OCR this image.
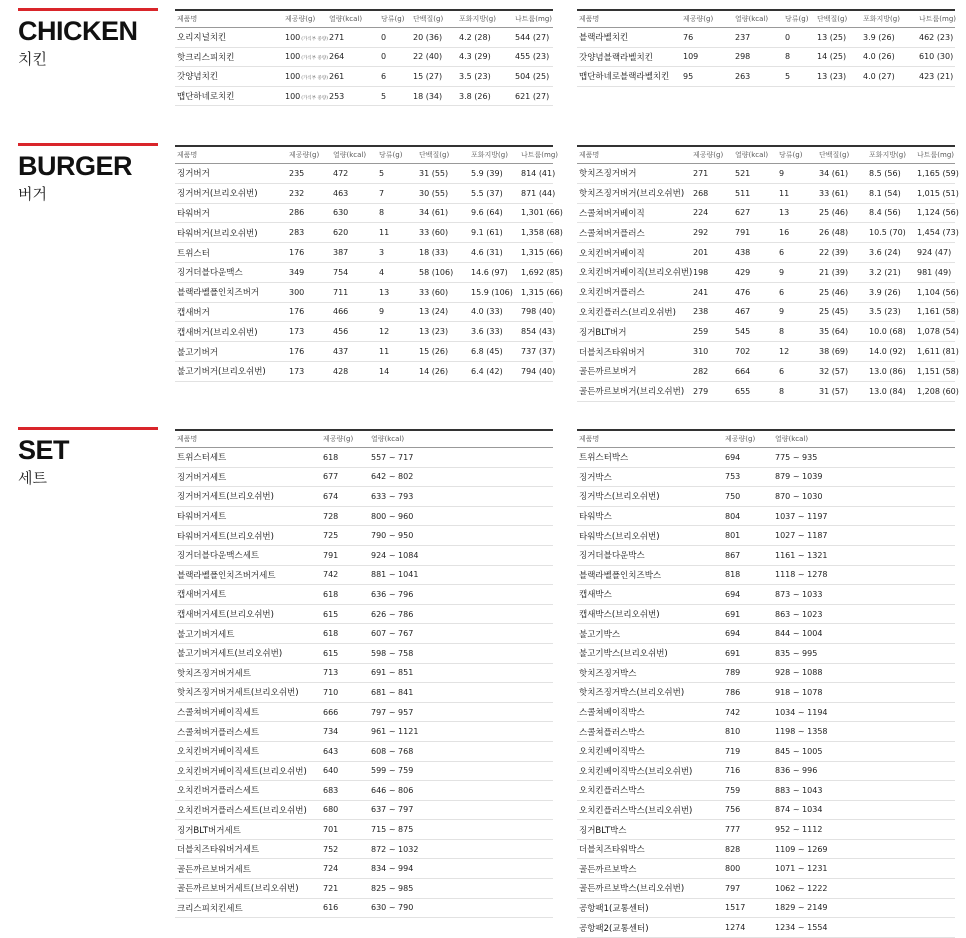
CHICKEN
치킨
제품명	제공량(g)	열량(kcal)	당류(g)	단백질(g)	포화지방(g)	나트륨(mg)
오리지널치킨	100(가식부 중량)	271	0	20 (36)	4.2 (28)	544 (27)
핫크리스피치킨	100(가식부 중량)	264	0	22 (40)	4.3 (29)	455 (23)
갓양념치킨	100(가식부 중량)	261	6	15 (27)	3.5 (23)	504 (25)
맵단하네로치킨	100(가식부 중량)	253	5	18 (34)	3.8 (26)	621 (27)
제품명	제공량(g)	열량(kcal)	당류(g)	단백질(g)	포화지방(g)	나트륨(mg)
블랙라벨치킨	76	237	0	13 (25)	3.9 (26)	462 (23)
갓양념블랙라벨치킨	109	298	8	14 (25)	4.0 (26)	610 (30)
맵단하네로블랙라벨치킨	95	263	5	13 (23)	4.0 (27)	423 (21)
BURGER
버거
제품명	제공량(g)	열량(kcal)	당류(g)	단백질(g)	포화지방(g)	나트륨(mg)
징거버거	235	472	5	31 (55)	5.9 (39)	814 (41)
징거버거(브리오쉬번)	232	463	7	30 (55)	5.5 (37)	871 (44)
타워버거	286	630	8	34 (61)	9.6 (64)	1,301 (66)
타워버거(브리오쉬번)	283	620	11	33 (60)	9.1 (61)	1,358 (68)
트위스터	176	387	3	18 (33)	4.6 (31)	1,315 (66)
징거더블다운맥스	349	754	4	58 (106)	14.6 (97)	1,692 (85)
블랙라벨폴인치즈버거	300	711	13	33 (60)	15.9 (106)	1,315 (66)
캡새버거	176	466	9	13 (24)	4.0 (33)	798 (40)
캡새버거(브리오쉬번)	173	456	12	13 (23)	3.6 (33)	854 (43)
불고기버거	176	437	11	15 (26)	6.8 (45)	737 (37)
불고기버거(브리오쉬번)	173	428	14	14 (26)	6.4 (42)	794 (40)
제품명	제공량(g)	열량(kcal)	당류(g)	단백질(g)	포화지방(g)	나트륨(mg)
핫치즈징거버거	271	521	9	34 (61)	8.5 (56)	1,165 (59)
핫치즈징거버거(브리오쉬번)	268	511	11	33 (61)	8.1 (54)	1,015 (51)
스콜쳐버거베이직	224	627	13	25 (46)	8.4 (56)	1,124 (56)
스콜쳐버거플러스	292	791	16	26 (48)	10.5 (70)	1,454 (73)
오치킨버거베이직	201	438	6	22 (39)	3.6 (24)	924 (47)
오치킨버거베이직(브리오쉬번)	198	429	9	21 (39)	3.2 (21)	981 (49)
오치킨버거플러스	241	476	6	25 (46)	3.9 (26)	1,104 (56)
오치킨플러스(브리오쉬번)	238	467	9	25 (45)	3.5 (23)	1,161 (58)
징거BLT버거	259	545	8	35 (64)	10.0 (68)	1,078 (54)
더블치즈타워버거	310	702	12	38 (69)	14.0 (92)	1,611 (81)
골든까르보버거	282	664	6	32 (57)	13.0 (86)	1,151 (58)
골든까르보버거(브리오쉬번)	279	655	8	31 (57)	13.0 (84)	1,208 (60)
SET
세트
제품명	제공량(g)	열량(kcal)
트위스터세트	618	557 ~ 717
징거버거세트	677	642 ~ 802
징거버거세트(브리오쉬번)	674	633 ~ 793
타워버거세트	728	800 ~ 960
타워버거세트(브리오쉬번)	725	790 ~ 950
징거더블다운맥스세트	791	924 ~ 1084
블랙라벨폴인치즈버거세트	742	881 ~ 1041
캡새버거세트	618	636 ~ 796
캡새버거세트(브리오쉬번)	615	626 ~ 786
불고기버거세트	618	607 ~ 767
불고기버거세트(브리오쉬번)	615	598 ~ 758
핫치즈징거버거세트	713	691 ~ 851
핫치즈징거버거세트(브리오쉬번)	710	681 ~ 841
스콜쳐버거베이직세트	666	797 ~ 957
스콜쳐버거플러스세트	734	961 ~ 1121
오치킨버거베이직세트	643	608 ~ 768
오치킨버거베이직세트(브리오쉬번)	640	599 ~ 759
오치킨버거플러스세트	683	646 ~ 806
오치킨버거플러스세트(브리오쉬번)	680	637 ~ 797
징거BLT버거세트	701	715 ~ 875
더블치즈타워버거세트	752	872 ~ 1032
골든까르보버거세트	724	834 ~ 994
골든까르보버거세트(브리오쉬번)	721	825 ~ 985
크리스피치킨세트	616	630 ~ 790
제품명	제공량(g)	열량(kcal)
트위스터박스	694	775 ~ 935
징거박스	753	879 ~ 1039
징거박스(브리오쉬번)	750	870 ~ 1030
타워박스	804	1037 ~ 1197
타워박스(브리오쉬번)	801	1027 ~ 1187
징거더블다운박스	867	1161 ~ 1321
블랙라벨폴인치즈박스	818	1118 ~ 1278
캡새박스	694	873 ~ 1033
캡새박스(브리오쉬번)	691	863 ~ 1023
불고기박스	694	844 ~ 1004
불고기박스(브리오쉬번)	691	835 ~ 995
핫치즈징거박스	789	928 ~ 1088
핫치즈징거박스(브리오쉬번)	786	918 ~ 1078
스콜쳐베이직박스	742	1034 ~ 1194
스콜쳐플러스박스	810	1198 ~ 1358
오치킨베이직박스	719	845 ~ 1005
오치킨베이직박스(브리오쉬번)	716	836 ~ 996
오치킨플러스박스	759	883 ~ 1043
오치킨플러스박스(브리오쉬번)	756	874 ~ 1034
징거BLT박스	777	952 ~ 1112
더블치즈타워박스	828	1109 ~ 1269
골든까르보박스	800	1071 ~ 1231
골든까르보박스(브리오쉬번)	797	1062 ~ 1222
공항팩1(교통센터)	1517	1829 ~ 2149
공항팩2(교통센터)	1274	1234 ~ 1554
